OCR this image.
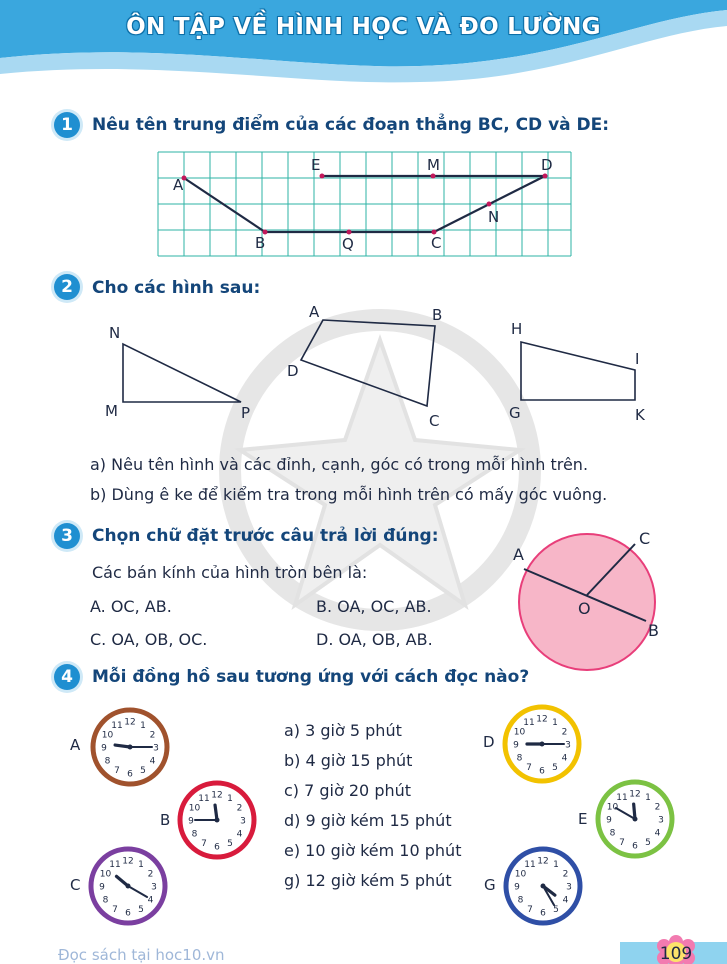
ÔN TẬP VỀ HÌNH HỌC VÀ ĐO LƯỜNG
1	Nêu tên trung điểm của các đoạn thẳng BC, CD và DE:
E	M	D
A
N
B	Q	C
2	Cho các hình sau:
N
M	P
A	B
D
C
H
I
G	K
a) Nêu tên hình và các đỉnh, cạnh, góc có trong mỗi hình trên.
b) Dùng ê ke để kiểm tra trong mỗi hình trên có mấy góc vuông.
3	Chọn chữ đặt trước câu trả lời đúng:
Các bán kính của hình tròn bên là:
A. OC, AB.	B. OA, OC, AB.
C. OA, OB, OC.	D. OA, OB, AB.
A
C
O
B
4	Mỗi đồng hồ sau tương ứng với cách đọc nào?
a) 3 giờ 5 phút
b) 4 giờ 15 phút
c) 7 giờ 20 phút
d) 9 giờ kém 15 phút
e) 10 giờ kém 10 phút
g) 12 giờ kém 5 phút
A
B
C
D
E
G
12 1
2
3
4
5
6
7
8
9
10
11
12 1
2
3
4
5
6
7
8
9
10
11
12 1
2
3
4
5
6
7
8
9
10
11
12 1
2
3
4
5
6
7
8
9
10
11
12 1
2
3
4
5
6
7
8
9
10
11
12 1
2
3
4
5
6
7
8
9
10
11
Đọc sách tại hoc10.vn	109
